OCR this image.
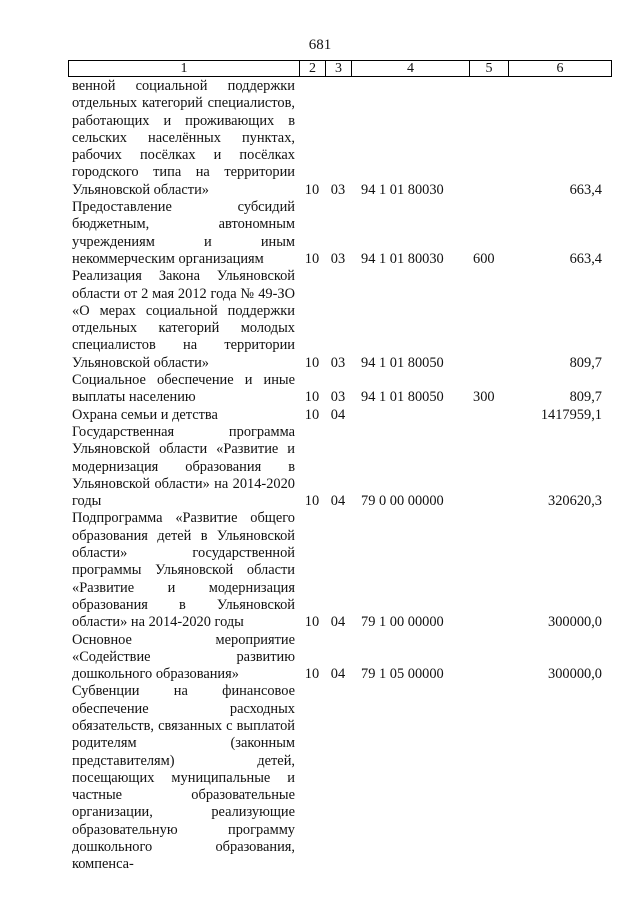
681
1	2	3	4	5	6
венной социальной поддержки отдельных категорий специалистов, работающих и проживающих в сельских населённых пунктах, рабочих посёлках и посёлках городского типа на территории Ульяновской области»	10	03	94 1 01 80030		663,4
Предоставление субсидий бюджетным, автономным учреждениям и иным некоммерческим организациям	10	03	94 1 01 80030	600	663,4
Реализация Закона Ульяновской области от 2 мая 2012 года № 49-ЗО «О мерах социальной поддержки отдельных категорий молодых специалистов на территории Ульяновской области»	10	03	94 1 01 80050		809,7
Социальное обеспечение и иные выплаты населению	10	03	94 1 01 80050	300	809,7
Охрана семьи и детства	10	04			1417959,1
Государственная программа Ульяновской области «Развитие и модернизация образования в Ульяновской области» на 2014-2020 годы	10	04	79 0 00 00000		320620,3
Подпрограмма «Развитие общего образования детей в Ульяновской области» государственной программы Ульяновской области «Развитие и модернизация образования в Ульяновской области» на 2014-2020 годы	10	04	79 1 00 00000		300000,0
Основное мероприятие «Содействие развитию дошкольного образования»	10	04	79 1 05 00000		300000,0
Субвенции на финансовое обеспечение расходных обязательств, связанных с выплатой родителям (законным представителям) детей, посещающих муниципальные и частные образовательные организации, реализующие образовательную программу дошкольного образования, компенса-					
